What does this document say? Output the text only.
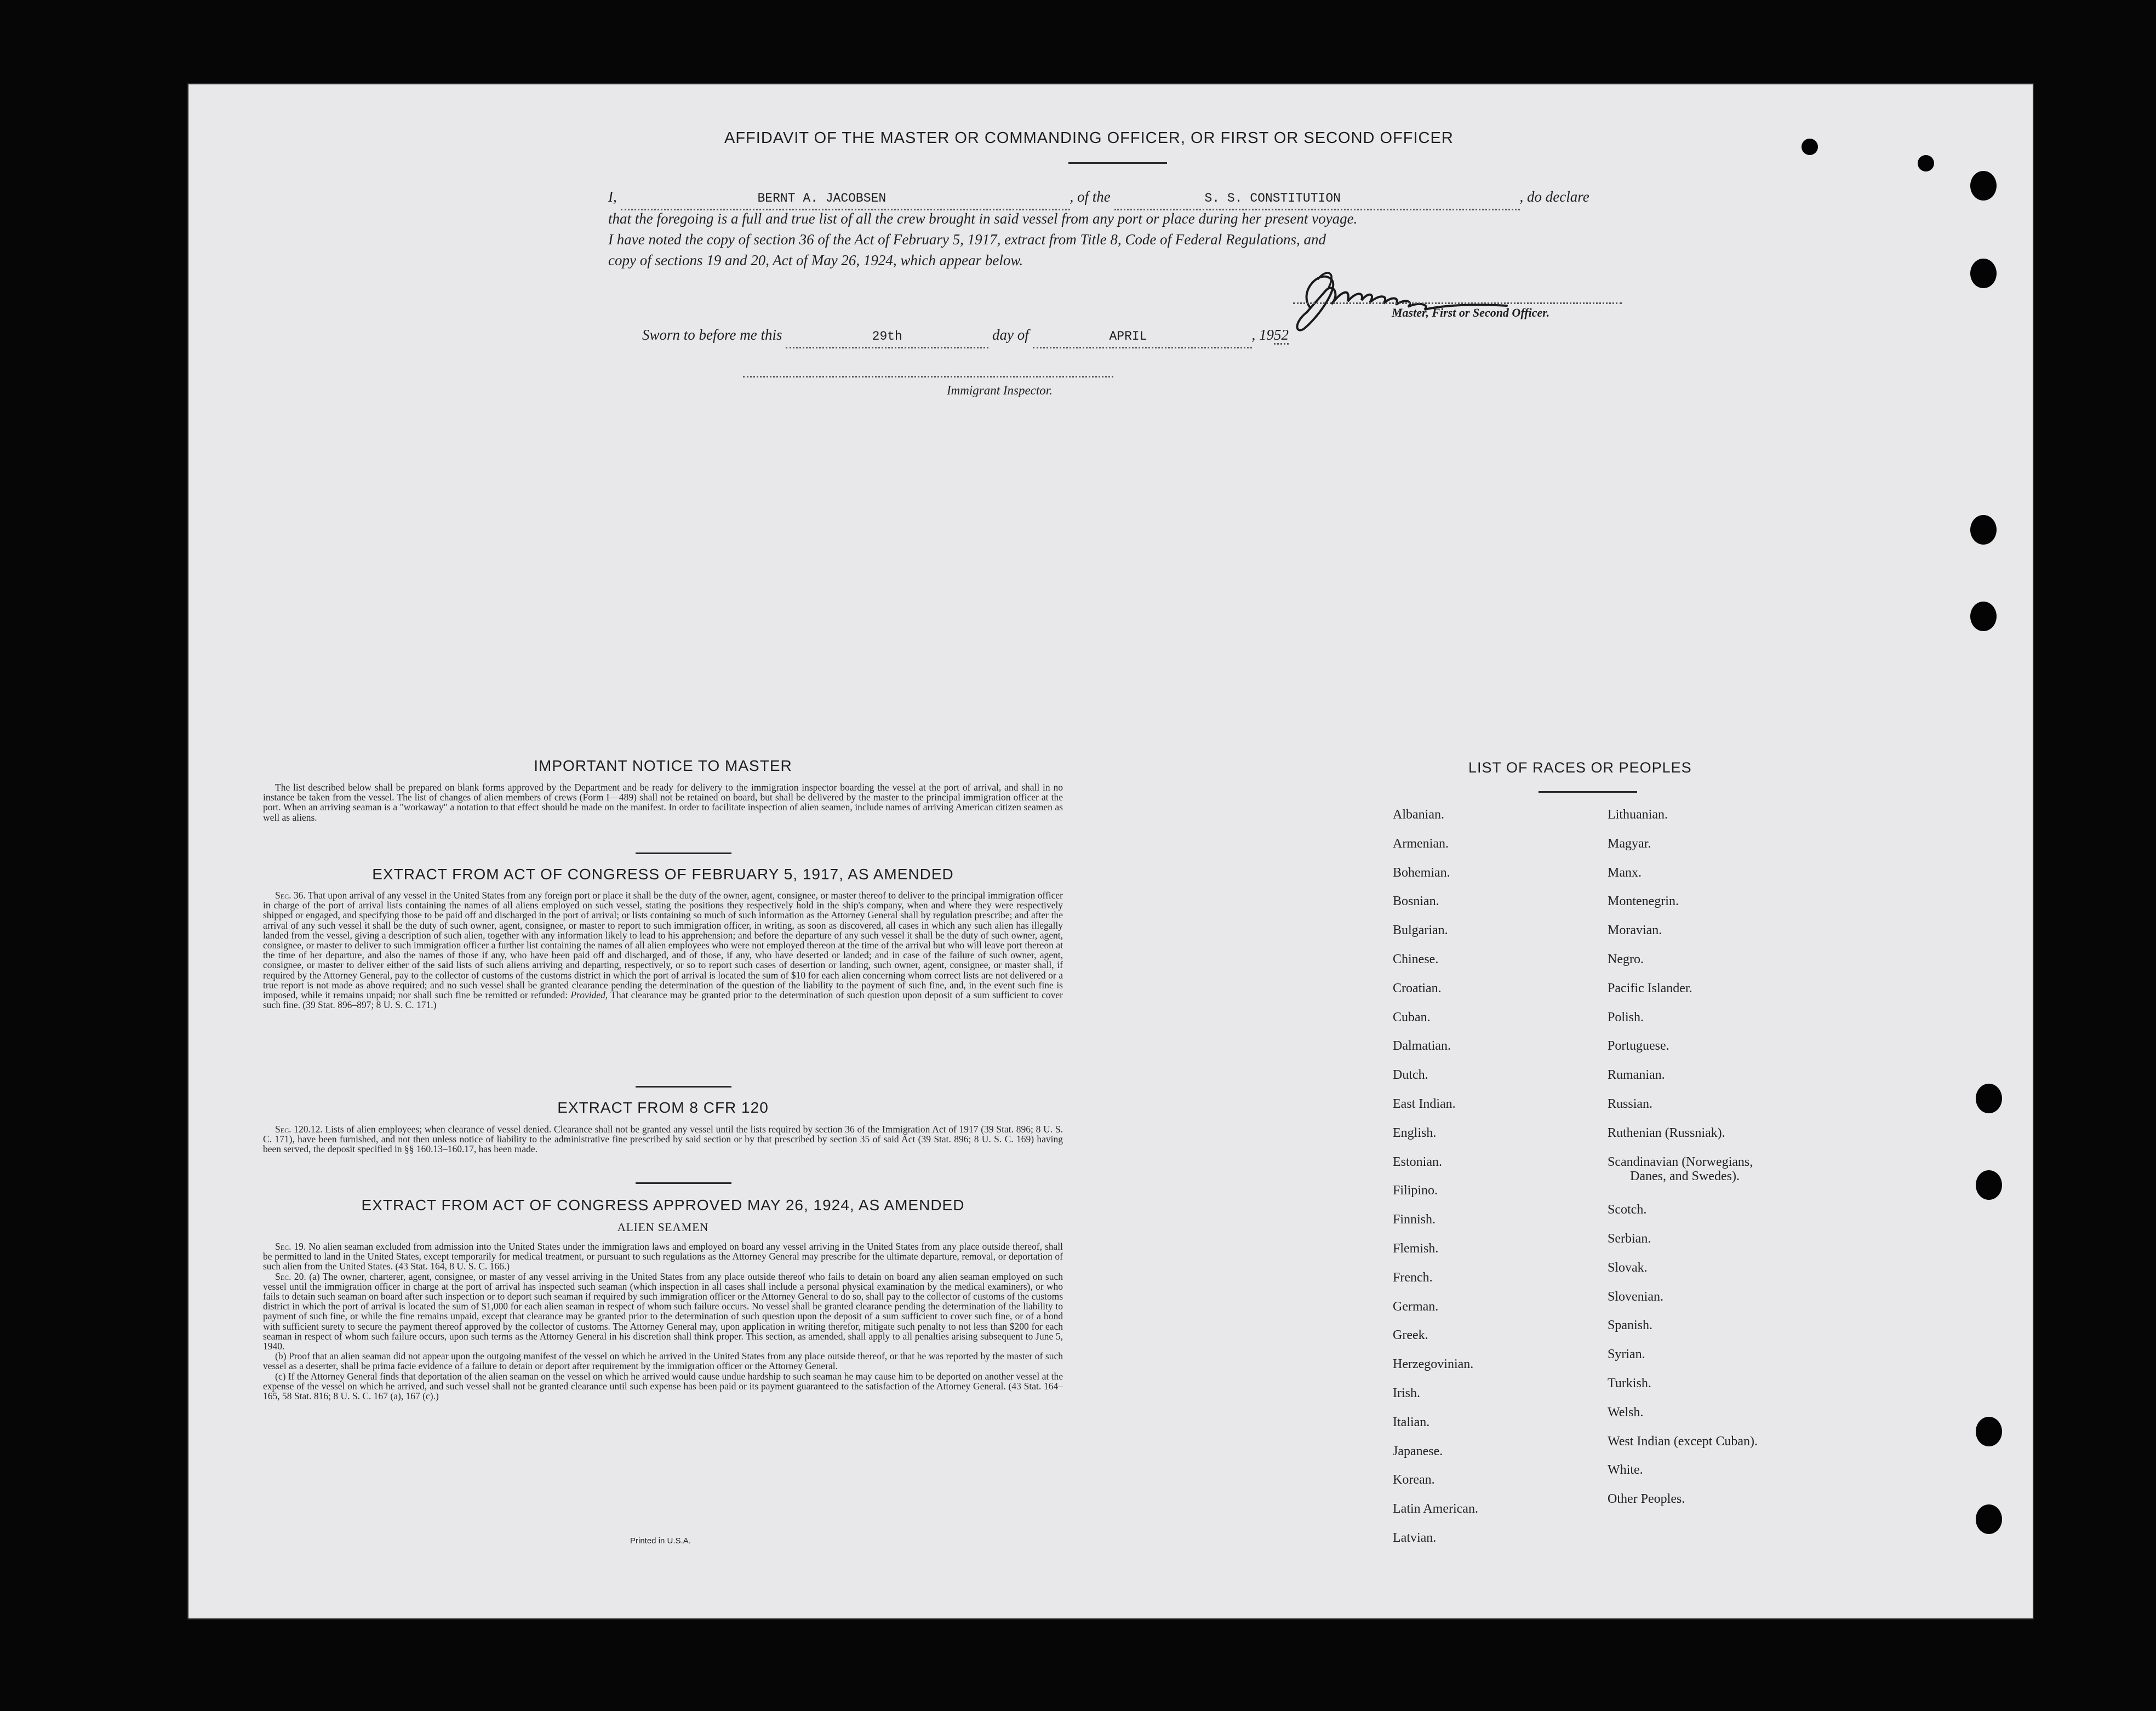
AFFIDAVIT OF THE MASTER OR COMMANDING OFFICER, OR FIRST OR SECOND OFFICER
I,	BERNT A. JACOBSEN	, of the	S. S. CONSTITUTION	, do declare
that the foregoing is a full and true list of all the crew brought in said vessel from any port or place during her present voyage.
I have noted the copy of section 36 of the Act of February 5, 1917, extract from Title 8, Code of Federal Regulations, and
copy of sections 19 and 20, Act of May 26, 1924, which appear below.
Master, First or Second Officer.
Sworn to before me this	29th	day of	APRIL	, 1952
Immigrant Inspector.
IMPORTANT NOTICE TO MASTER

The list described below shall be prepared on blank forms approved by the Department and be ready for delivery to the immigration inspector boarding the vessel at the port of arrival, and shall in no instance be taken from the vessel. The list of changes of alien members of crews (Form I—489) shall not be retained on board, but shall be delivered by the master to the principal immigration officer at the port. When an arriving seaman is a "workaway" a notation to that effect should be made on the manifest. In order to facilitate inspection of alien seamen, include names of arriving American citizen seamen as well as aliens.

EXTRACT FROM ACT OF CONGRESS OF FEBRUARY 5, 1917, AS AMENDED

Sec. 36. That upon arrival of any vessel in the United States from any foreign port or place it shall be the duty of the owner, agent, consignee, or master thereof to deliver to the principal immigration officer in charge of the port of arrival lists containing the names of all aliens employed on such vessel, stating the positions they respectively hold in the ship's company, when and where they were respectively shipped or engaged, and specifying those to be paid off and discharged in the port of arrival; or lists containing so much of such information as the Attorney General shall by regulation prescribe; and after the arrival of any such vessel it shall be the duty of such owner, agent, consignee, or master to report to such immigration officer, in writing, as soon as discovered, all cases in which any such alien has illegally landed from the vessel, giving a description of such alien, together with any information likely to lead to his apprehension; and before the departure of any such vessel it shall be the duty of such owner, agent, consignee, or master to deliver to such immigration officer a further list containing the names of all alien employees who were not employed thereon at the time of the arrival but who will leave port thereon at the time of her departure, and also the names of those if any, who have been paid off and discharged, and of those, if any, who have deserted or landed; and in case of the failure of such owner, agent, consignee, or master to deliver either of the said lists of such aliens arriving and departing, respectively, or so to report such cases of desertion or landing, such owner, agent, consignee, or master shall, if required by the Attorney General, pay to the collector of customs of the customs district in which the port of arrival is located the sum of $10 for each alien concerning whom correct lists are not delivered or a true report is not made as above required; and no such vessel shall be granted clearance pending the determination of the question of the liability to the payment of such fine, and, in the event such fine is imposed, while it remains unpaid; nor shall such fine be remitted or refunded: Provided, That clearance may be granted prior to the determination of such question upon deposit of a sum sufficient to cover such fine. (39 Stat. 896–897; 8 U. S. C. 171.)

EXTRACT FROM 8 CFR 120

Sec. 120.12. Lists of alien employees; when clearance of vessel denied. Clearance shall not be granted any vessel until the lists required by section 36 of the Immigration Act of 1917 (39 Stat. 896; 8 U. S. C. 171), have been furnished, and not then unless notice of liability to the administrative fine prescribed by said section or by that prescribed by section 35 of said Act (39 Stat. 896; 8 U. S. C. 169) having been served, the deposit specified in §§ 160.13–160.17, has been made.

EXTRACT FROM ACT OF CONGRESS APPROVED MAY 26, 1924, AS AMENDED
ALIEN SEAMEN

Sec. 19. No alien seaman excluded from admission into the United States under the immigration laws and employed on board any vessel arriving in the United States from any place outside thereof, shall be permitted to land in the United States, except temporarily for medical treatment, or pursuant to such regulations as the Attorney General may prescribe for the ultimate departure, removal, or deportation of such alien from the United States. (43 Stat. 164, 8 U. S. C. 166.)

Sec. 20. (a) The owner, charterer, agent, consignee, or master of any vessel arriving in the United States from any place outside thereof who fails to detain on board any alien seaman employed on such vessel until the immigration officer in charge at the port of arrival has inspected such seaman (which inspection in all cases shall include a personal physical examination by the medical examiners), or who fails to detain such seaman on board after such inspection or to deport such seaman if required by such immigration officer or the Attorney General to do so, shall pay to the collector of customs of the customs district in which the port of arrival is located the sum of $1,000 for each alien seaman in respect of whom such failure occurs. No vessel shall be granted clearance pending the determination of the liability to payment of such fine, or while the fine remains unpaid, except that clearance may be granted prior to the determination of such question upon the deposit of a sum sufficient to cover such fine, or of a bond with sufficient surety to secure the payment thereof approved by the collector of customs. The Attorney General may, upon application in writing therefor, mitigate such penalty to not less than $200 for each seaman in respect of whom such failure occurs, upon such terms as the Attorney General in his discretion shall think proper. This section, as amended, shall apply to all penalties arising subsequent to June 5, 1940.

(b) Proof that an alien seaman did not appear upon the outgoing manifest of the vessel on which he arrived in the United States from any place outside thereof, or that he was reported by the master of such vessel as a deserter, shall be prima facie evidence of a failure to detain or deport after requirement by the immigration officer or the Attorney General.

(c) If the Attorney General finds that deportation of the alien seaman on the vessel on which he arrived would cause undue hardship to such seaman he may cause him to be deported on another vessel at the expense of the vessel on which he arrived, and such vessel shall not be granted clearance until such expense has been paid or its payment guaranteed to the satisfaction of the Attorney General. (43 Stat. 164–165, 58 Stat. 816; 8 U. S. C. 167 (a), 167 (c).)

Printed in U.S.A.
LIST OF RACES OR PEOPLES
Albanian.
Armenian.
Bohemian.
Bosnian.
Bulgarian.
Chinese.
Croatian.
Cuban.
Dalmatian.
Dutch.
East Indian.
English.
Estonian.
Filipino.
Finnish.
Flemish.
French.
German.
Greek.
Herzegovinian.
Irish.
Italian.
Japanese.
Korean.
Latin American.
Latvian.
Lithuanian.
Magyar.
Manx.
Montenegrin.
Moravian.
Negro.
Pacific Islander.
Polish.
Portuguese.
Rumanian.
Russian.
Ruthenian (Russniak).
Scandinavian (Norwegians,
Danes, and Swedes).
Scotch.
Serbian.
Slovak.
Slovenian.
Spanish.
Syrian.
Turkish.
Welsh.
West Indian (except Cuban).
White.
Other Peoples.
